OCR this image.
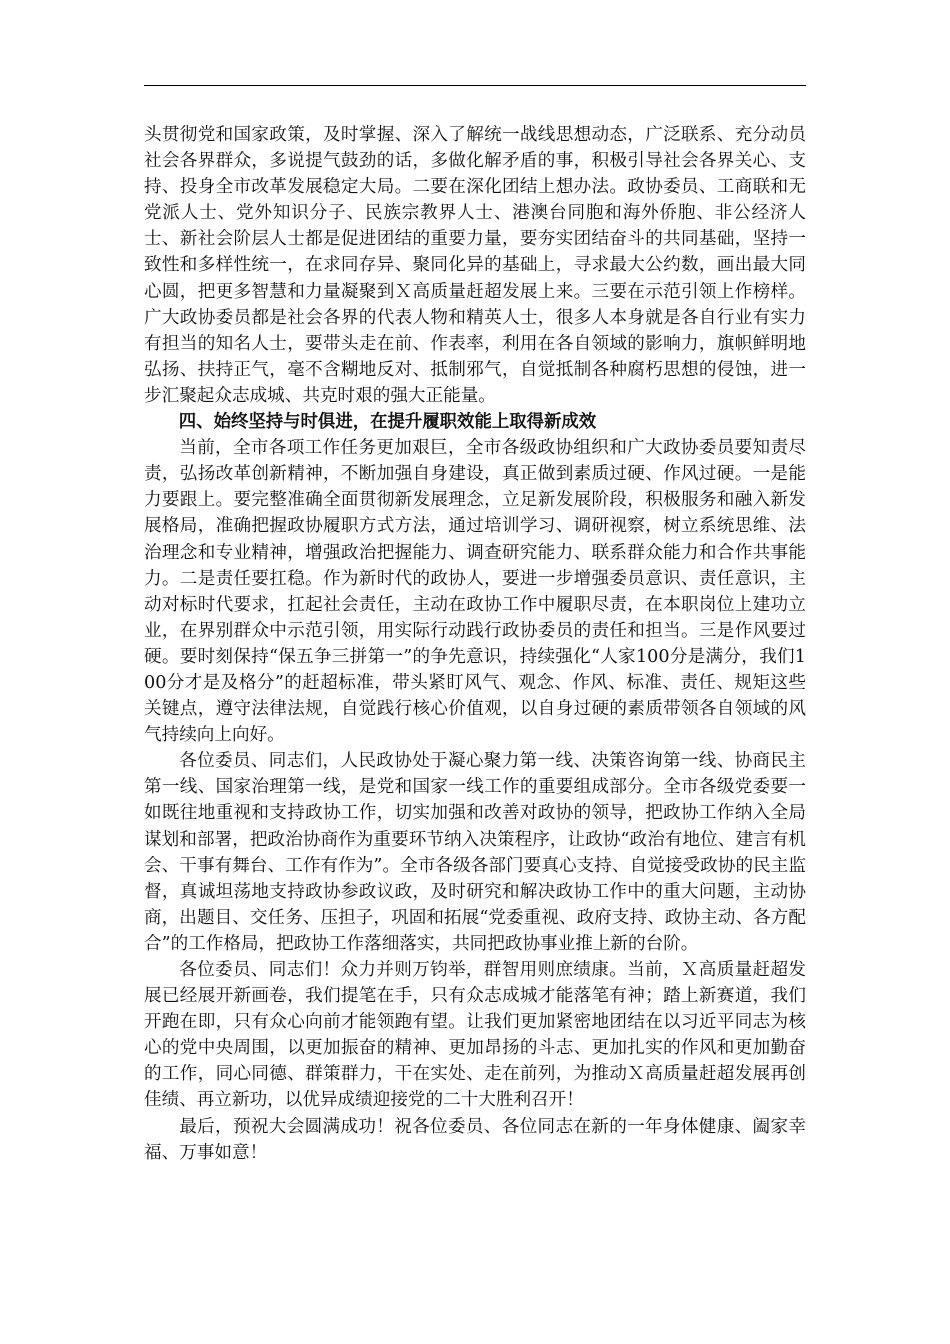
头贯彻党和国家政策，及时掌握、深入了解统一战线思想动态，广泛联系、充分动员社会各界群众，多说提气鼓劲的话，多做化解矛盾的事，积极引导社会各界关心、支持、投身全市改革发展稳定大局。二要在深化团结上想办法。政协委员、工商联和无党派人士、党外知识分子、民族宗教界人士、港澳台同胞和海外侨胞、非公经济人士、新社会阶层人士都是促进团结的重要力量，要夯实团结奋斗的共同基础，坚持一致性和多样性统一，在求同存异、聚同化异的基础上，寻求最大公约数，画出最大同心圆，把更多智慧和力量凝聚到Ｘ高质量赶超发展上来。三要在示范引领上作榜样。广大政协委员都是社会各界的代表人物和精英人士，很多人本身就是各自行业有实力有担当的知名人士，要带头走在前、作表率，利用在各自领域的影响力，旗帜鲜明地弘扬、扶持正气，毫不含糊地反对、抵制邪气，自觉抵制各种腐朽思想的侵蚀，进一步汇聚起众志成城、共克时艰的强大正能量。

四、始终坚持与时俱进，在提升履职效能上取得新成效

当前，全市各项工作任务更加艰巨，全市各级政协组织和广大政协委员要知责尽责，弘扬改革创新精神，不断加强自身建设，真正做到素质过硬、作风过硬。一是能力要跟上。要完整准确全面贯彻新发展理念，立足新发展阶段，积极服务和融入新发展格局，准确把握政协履职方式方法，通过培训学习、调研视察，树立系统思维、法治理念和专业精神，增强政治把握能力、调查研究能力、联系群众能力和合作共事能力。二是责任要扛稳。作为新时代的政协人，要进一步增强委员意识、责任意识，主动对标时代要求，扛起社会责任，主动在政协工作中履职尽责，在本职岗位上建功立业，在界别群众中示范引领，用实际行动践行政协委员的责任和担当。三是作风要过硬。要时刻保持“保五争三拼第一”的争先意识，持续强化“人家100分是满分，我们100分才是及格分”的赶超标准，带头紧盯风气、观念、作风、标准、责任、规矩这些关键点，遵守法律法规，自觉践行核心价值观，以自身过硬的素质带领各自领域的风气持续向上向好。

各位委员、同志们，人民政协处于凝心聚力第一线、决策咨询第一线、协商民主第一线、国家治理第一线，是党和国家一线工作的重要组成部分。全市各级党委要一如既往地重视和支持政协工作，切实加强和改善对政协的领导，把政协工作纳入全局谋划和部署，把政治协商作为重要环节纳入决策程序，让政协“政治有地位、建言有机会、干事有舞台、工作有作为”。全市各级各部门要真心支持、自觉接受政协的民主监督，真诚坦荡地支持政协参政议政，及时研究和解决政协工作中的重大问题，主动协商，出题目、交任务、压担子，巩固和拓展“党委重视、政府支持、政协主动、各方配合”的工作格局，把政协工作落细落实，共同把政协事业推上新的台阶。

各位委员、同志们！众力并则万钧举，群智用则庶绩康。当前，Ｘ高质量赶超发展已经展开新画卷，我们提笔在手，只有众志成城才能落笔有神；踏上新赛道，我们开跑在即，只有众心向前才能领跑有望。让我们更加紧密地团结在以习近平同志为核心的党中央周围，以更加振奋的精神、更加昂扬的斗志、更加扎实的作风和更加勤奋的工作，同心同德、群策群力，干在实处、走在前列，为推动Ｘ高质量赶超发展再创佳绩、再立新功，以优异成绩迎接党的二十大胜利召开！

最后，预祝大会圆满成功！祝各位委员、各位同志在新的一年身体健康、阖家幸福、万事如意！
